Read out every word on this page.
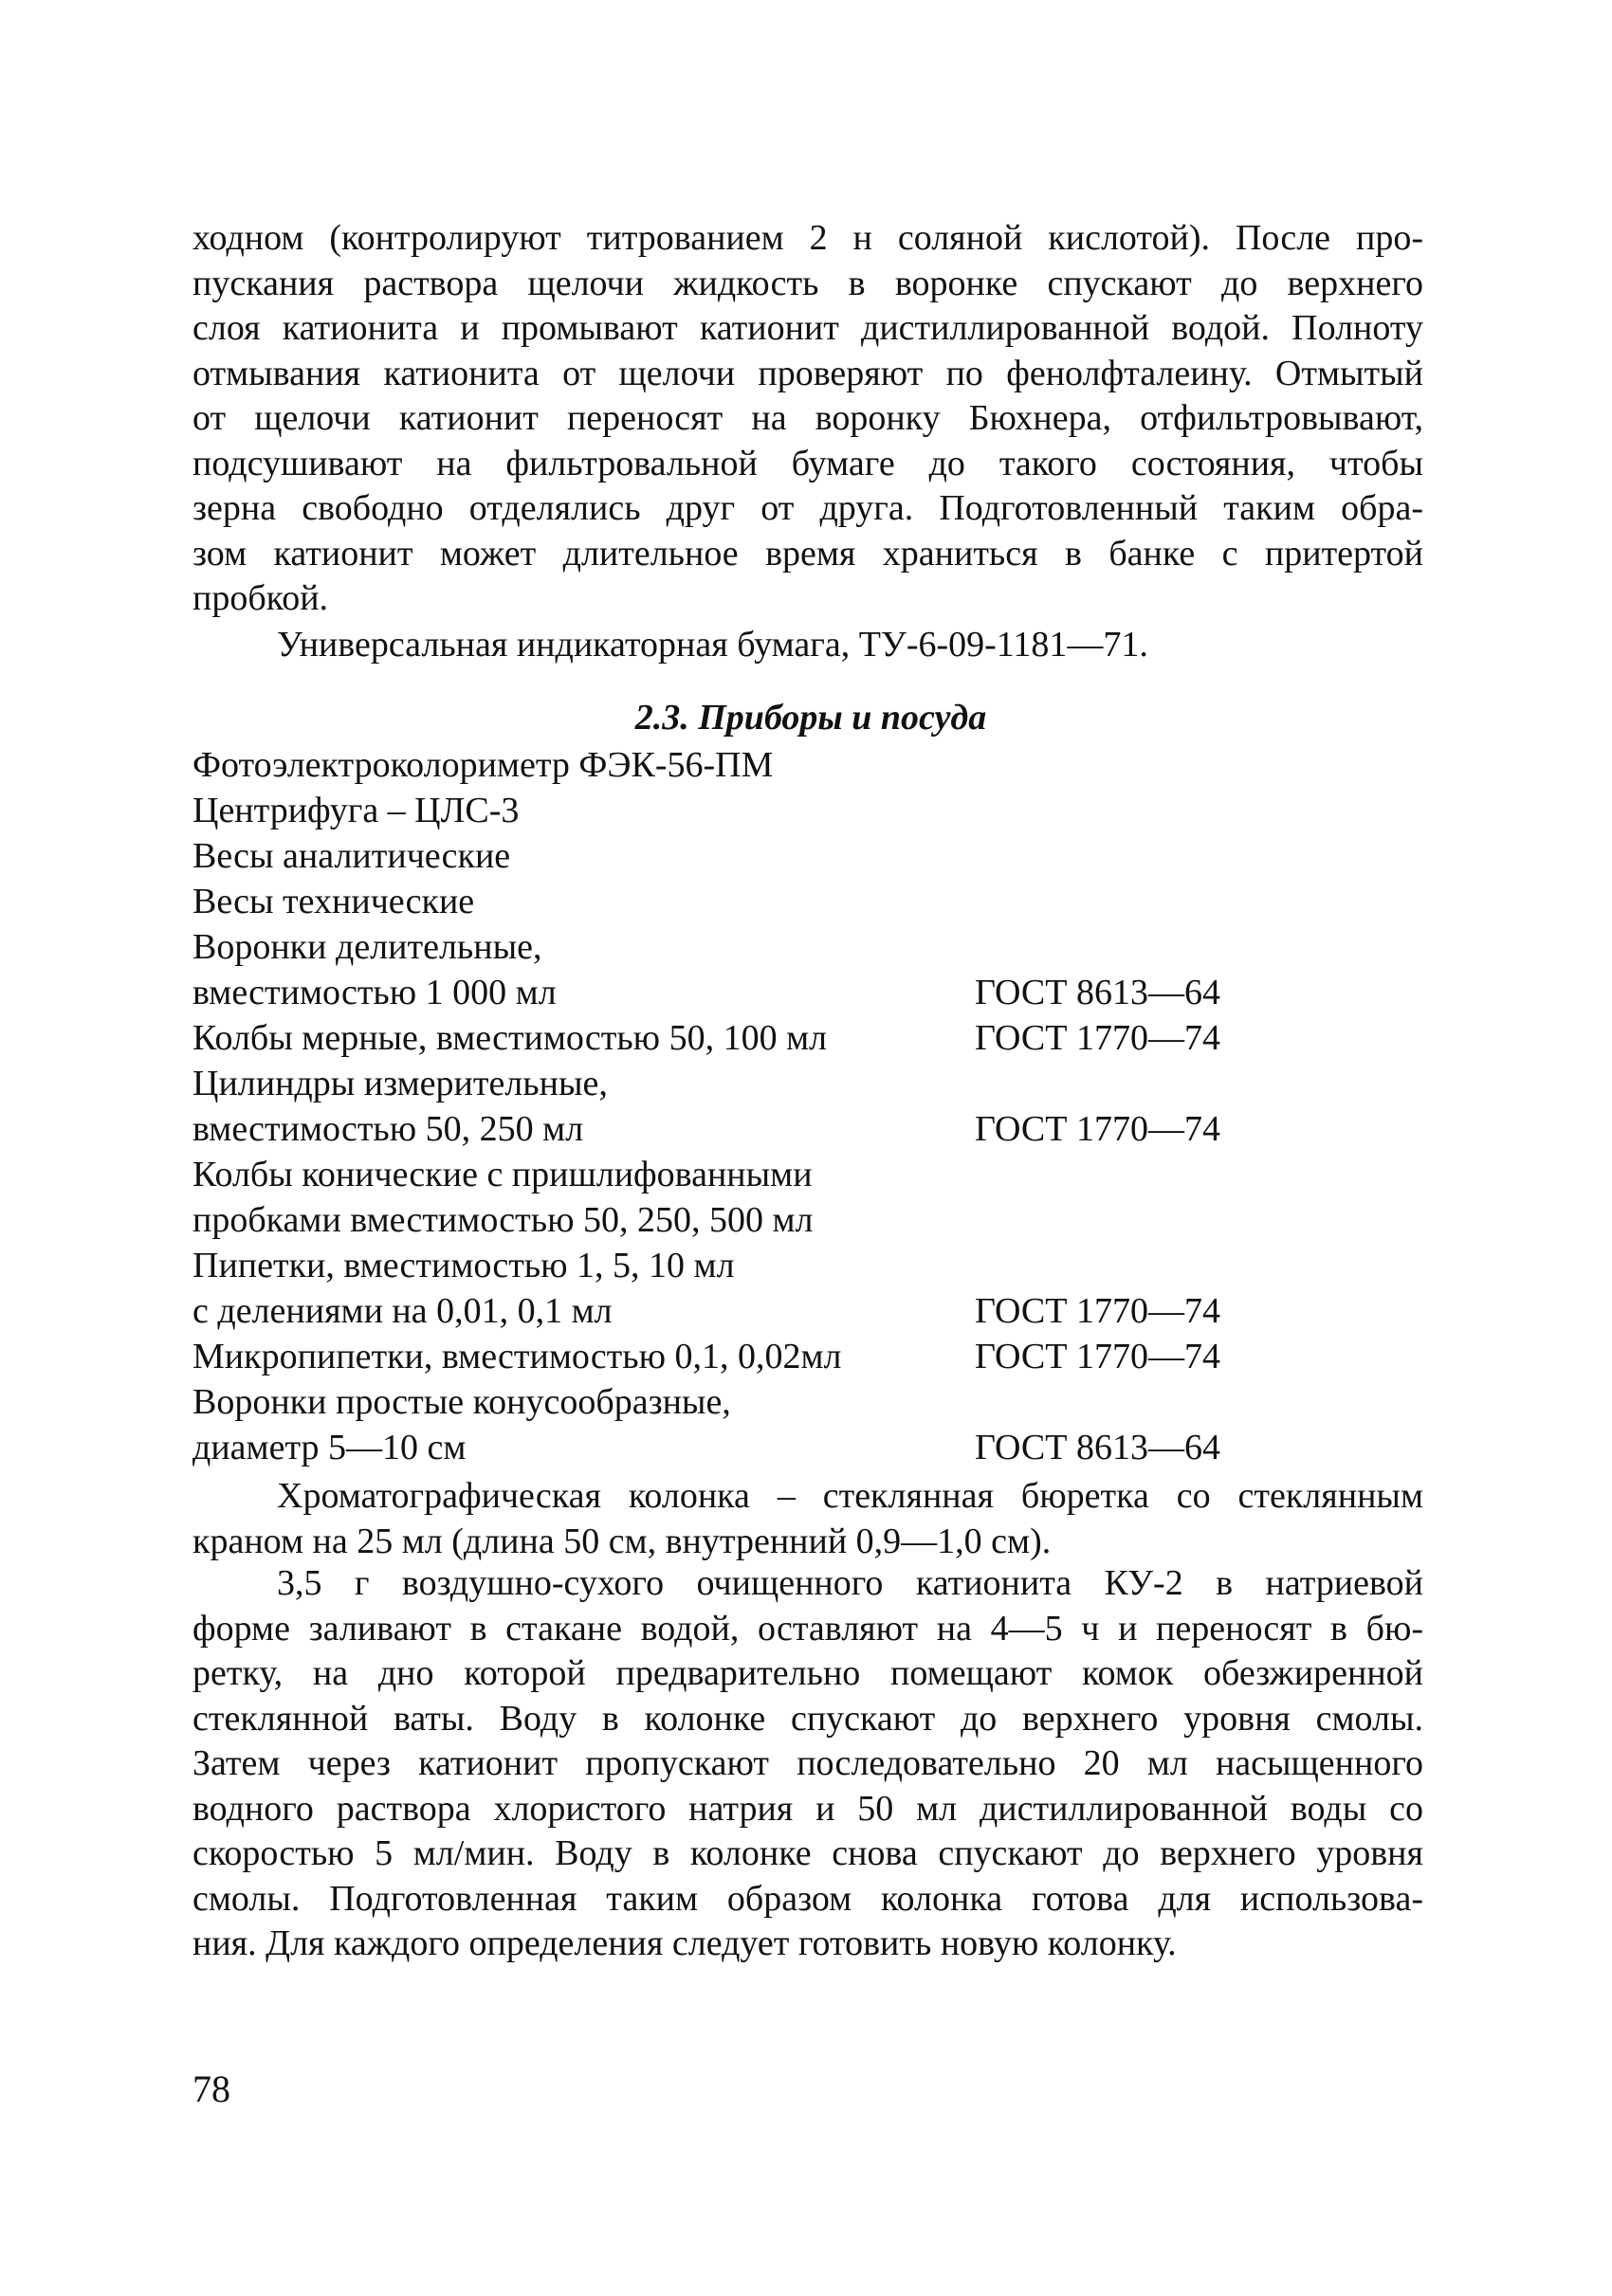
ходном (контролируют титрованием 2 н соляной кислотой). После про-
пускания раствора щелочи жидкость в воронке спускают до верхнего
слоя катионита и промывают катионит дистиллированной водой. Полноту
отмывания катионита от щелочи проверяют по фенолфталеину. Отмытый
от щелочи катионит переносят на воронку Бюхнера, отфильтровывают,
подсушивают на фильтровальной бумаге до такого состояния, чтобы
зерна свободно отделялись друг от друга. Подготовленный таким обра-
зом катионит может длительное время храниться в банке с притертой
пробкой.
Универсальная индикаторная бумага, ТУ-6-09-1181—71.
2.3. Приборы и посуда
Фотоэлектроколориметр ФЭК-56-ПМ
Центрифуга – ЦЛС-3
Весы аналитические
Весы технические
Воронки делительные,
вместимостью 1 000 мл	ГОСТ 8613—64
Колбы мерные, вместимостью 50, 100 мл	ГОСТ 1770—74
Цилиндры измерительные,
вместимостью 50, 250 мл	ГОСТ 1770—74
Колбы конические с пришлифованными
пробками вместимостью 50, 250, 500 мл
Пипетки, вместимостью 1, 5, 10 мл
с делениями на 0,01, 0,1 мл	ГОСТ 1770—74
Микропипетки, вместимостью 0,1, 0,02мл	ГОСТ 1770—74
Воронки простые конусообразные,
диаметр 5—10 см	ГОСТ 8613—64
Хроматографическая колонка – стеклянная бюретка со стеклянным
краном на 25 мл (длина 50 см, внутренний 0,9—1,0 см).
3,5 г воздушно-сухого очищенного катионита КУ-2 в натриевой
форме заливают в стакане водой, оставляют на 4—5 ч и переносят в бю-
ретку, на дно которой предварительно помещают комок обезжиренной
стеклянной ваты. Воду в колонке спускают до верхнего уровня смолы.
Затем через катионит пропускают последовательно 20 мл насыщенного
водного раствора хлористого натрия и 50 мл дистиллированной воды со
скоростью 5 мл/мин. Воду в колонке снова спускают до верхнего уровня
смолы. Подготовленная таким образом колонка готова для использова-
ния. Для каждого определения следует готовить новую колонку.
78
